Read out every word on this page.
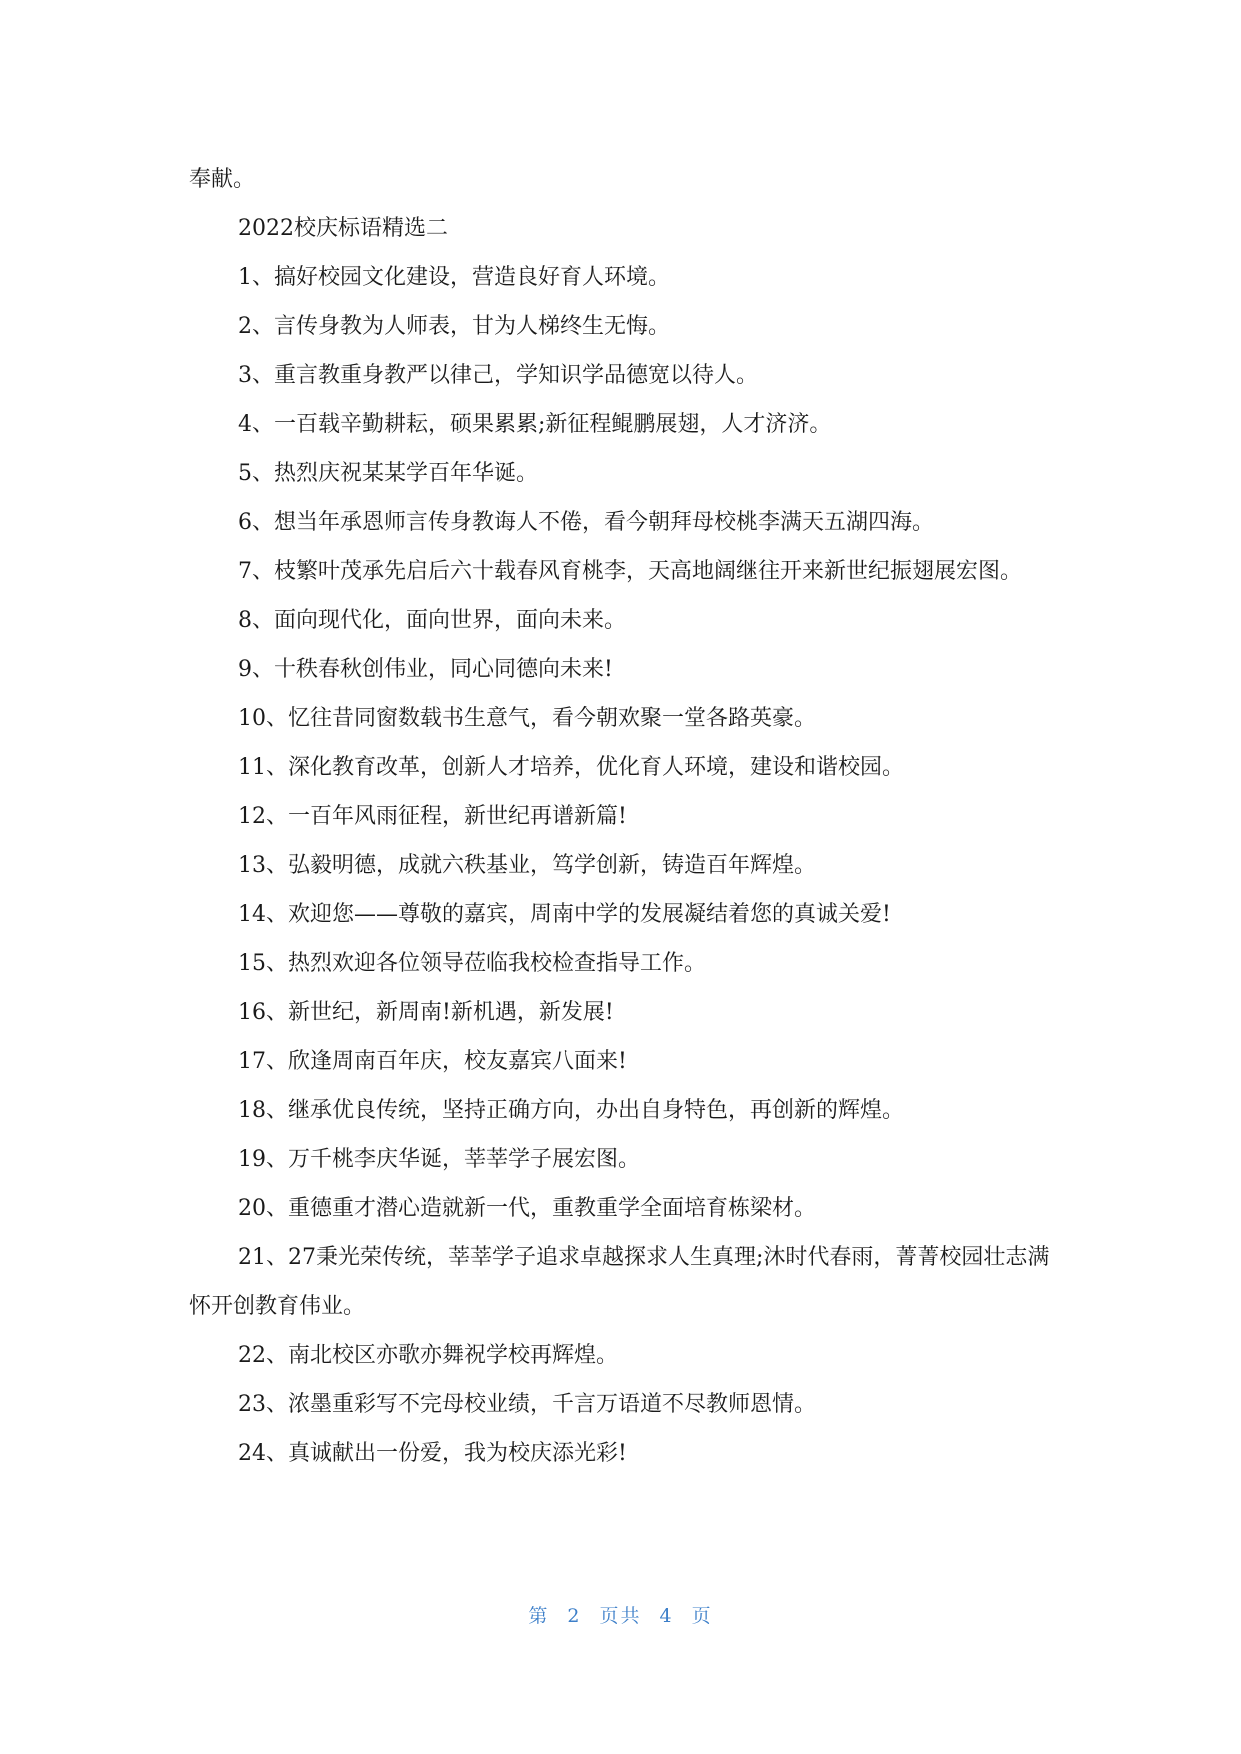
奉献。

2022校庆标语精选二

1、搞好校园文化建设，营造良好育人环境。

2、言传身教为人师表，甘为人梯终生无悔。

3、重言教重身教严以律己，学知识学品德宽以待人。

4、一百载辛勤耕耘，硕果累累;新征程鲲鹏展翅，人才济济。

5、热烈庆祝某某学百年华诞。

6、想当年承恩师言传身教诲人不倦，看今朝拜母校桃李满天五湖四海。

7、枝繁叶茂承先启后六十载春风育桃李，天高地阔继往开来新世纪振翅展宏图。

8、面向现代化，面向世界，面向未来。

9、十秩春秋创伟业，同心同德向未来!

10、忆往昔同窗数载书生意气，看今朝欢聚一堂各路英豪。

11、深化教育改革，创新人才培养，优化育人环境，建设和谐校园。

12、一百年风雨征程，新世纪再谱新篇!

13、弘毅明德，成就六秩基业，笃学创新，铸造百年辉煌。

14、欢迎您——尊敬的嘉宾，周南中学的发展凝结着您的真诚关爱!

15、热烈欢迎各位领导莅临我校检查指导工作。

16、新世纪，新周南!新机遇，新发展!

17、欣逢周南百年庆，校友嘉宾八面来!

18、继承优良传统，坚持正确方向，办出自身特色，再创新的辉煌。

19、万千桃李庆华诞，莘莘学子展宏图。

20、重德重才潜心造就新一代，重教重学全面培育栋梁材。

21、27秉光荣传统，莘莘学子追求卓越探求人生真理;沐时代春雨，菁菁校园壮志满怀开创教育伟业。

22、南北校区亦歌亦舞祝学校再辉煌。

23、浓墨重彩写不完母校业绩，千言万语道不尽教师恩情。

24、真诚献出一份爱，我为校庆添光彩!

第 2 页共 4 页
